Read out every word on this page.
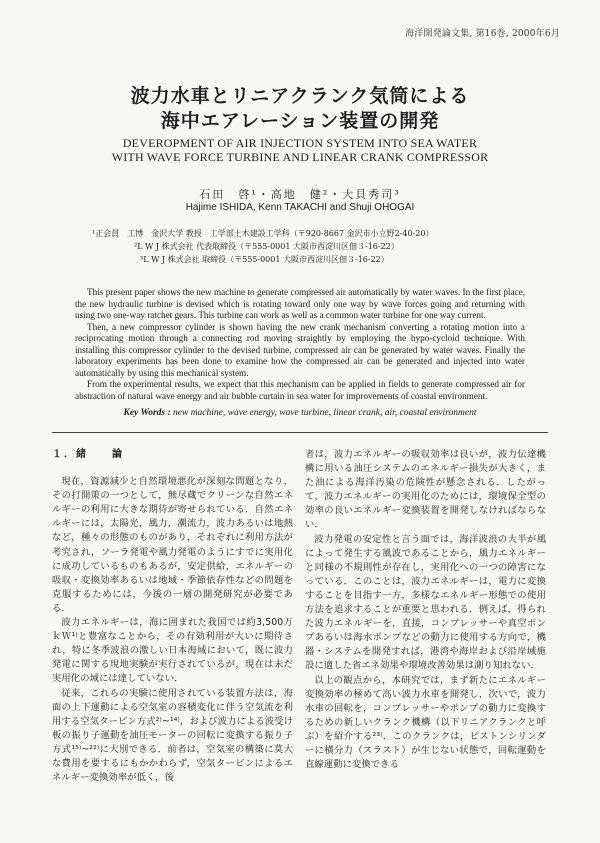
海洋開発論文集, 第16巻, 2000年6月
波力水車とリニアクランク気筒による
海中エアレーション装置の開発
DEVEROPMENT OF AIR INJECTION SYSTEM INTO SEA WATER
WITH WAVE FORCE TURBINE AND LINEAR CRANK COMPRESSOR
石田　啓¹・高地　健²・大貝秀司³
Hajime ISHIDA, Kenn TAKACHI and Shuji OHOGAI
¹正会員　工博　金沢大学 教授　工学部土木建設工学科（〒920-8667 金沢市小立野2-40-20）
²L W J 株式会社 代表取締役（〒555-0001 大阪市西淀川区佃３-16-22）
³L W J 株式会社 取締役（〒555-0001 大阪市西淀川区佃３-16-22）

This present paper shows the new machine to generate compressed air automatically by water waves. In the first place, the new hydraulic turbine is devised which is rotating toward only one way by wave forces going and returning with using two one-way ratchet gears. This turbine can work as well as a common water turbine for one way current.

Then, a new compressor cylinder is shown having the new crank mechanism converting a rotating motion into a reciprocating motion through a connecting rod moving straightly by employing the hypo-cycloid technique. With installing this compressor cylinder to the devised turbine, compressed air can be generated by water waves. Finally the laboratory experiments has been done to examine how the compressed air can be generated and injected into water automatically by using this mechanical system.

From the experimental results, we expect that this mechanism can be applied in fields to generate compressed air for abstraction of natural wave energy and air bubble curtain in sea water for improvements of coastal environment.

Key Words : new machine, wave energy, wave turbine, linear crank, air, coastal environment

１．緒　　論

現在，資源減少と自然環境悪化が深刻な問題となり，その打開策の一つとして，無尽蔵でクリーンな自然エネルギーの利用に大きな期待が寄せられている．自然エネルギーには，太陽光，風力，潮流力，波力あるいは地熱など，種々の形態のものがあり，それぞれに利用方法が考究され，ソーラ発電や風力発電のようにすでに実用化に成功しているものもあるが，安定供給，エネルギーの吸収・変換効率あるいは地域・季節依存性などの問題を克服するためには，今後の一層の開発研究が必要である．

波力エネルギーは，海に囲まれた我国では約3,500万ｋＷ¹⁾と豊富なことから，その有効利用が大いに期待され，特に冬季波浪の激しい日本海域において，既に波力発電に関する現地実験が実行されているが，現在は未だ実用化の域には達していない．

従来，これらの実験に使用されている装置方法は，海面の上下運動による空気室の容積変化に伴う空気流を利用する空気タービン方式²⁾~¹⁴⁾，および波力による波受け板の振り子運動を油圧モーターの回転に変換する振り子方式¹⁵⁾~²²⁾に大別できる．前者は，空気室の構築に莫大な費用を要するにもかかわらず，空気タービンによるエネルギー変換効率が低く，後

者は，波力エネルギーの吸収効率は良いが，波力伝達機構に用いる油圧システムのエネルギー損失が大きく，また油による海洋汚染の危険性が懸念される．したがって，波力エネルギーの実用化のためには，環境保全型の効率の良いエネルギー変換装置を開発しなければならない．

波力発電の安定性と言う面では，海洋波浪の大半が風によって発生する風波であることから，風力エネルギーと同様の不規則性が存在し，実用化への一つの障害になっている．このことは，波力エネルギーは，電力に変換することを目指す一方，多様なエネルギー形態での使用方法を追求することが重要と思われる．例えば，得られた波力エネルギーを，直接，コンプレッサーや真空ポンプあるいは海水ポンプなどの動力に使用する方向で，機器・システムを開発すれば，港湾や海岸および沿岸域施設に適した省エネ効果や環境改善効果は測り知れない．

以上の観点から，本研究では，まず新たにエネルギー変換効率の極めて高い波力水車を開発し，次いで，波力水車の回転を，コンプレッサーやポンプの動力に変換するための新しいクランク機構（以下リニアクランクと呼ぶ）を紹介する²³⁾．このクランクは，ピストンシリンダーに横分力（スラスト）が生じない状態で，回転運動を直線運動に変換できる
